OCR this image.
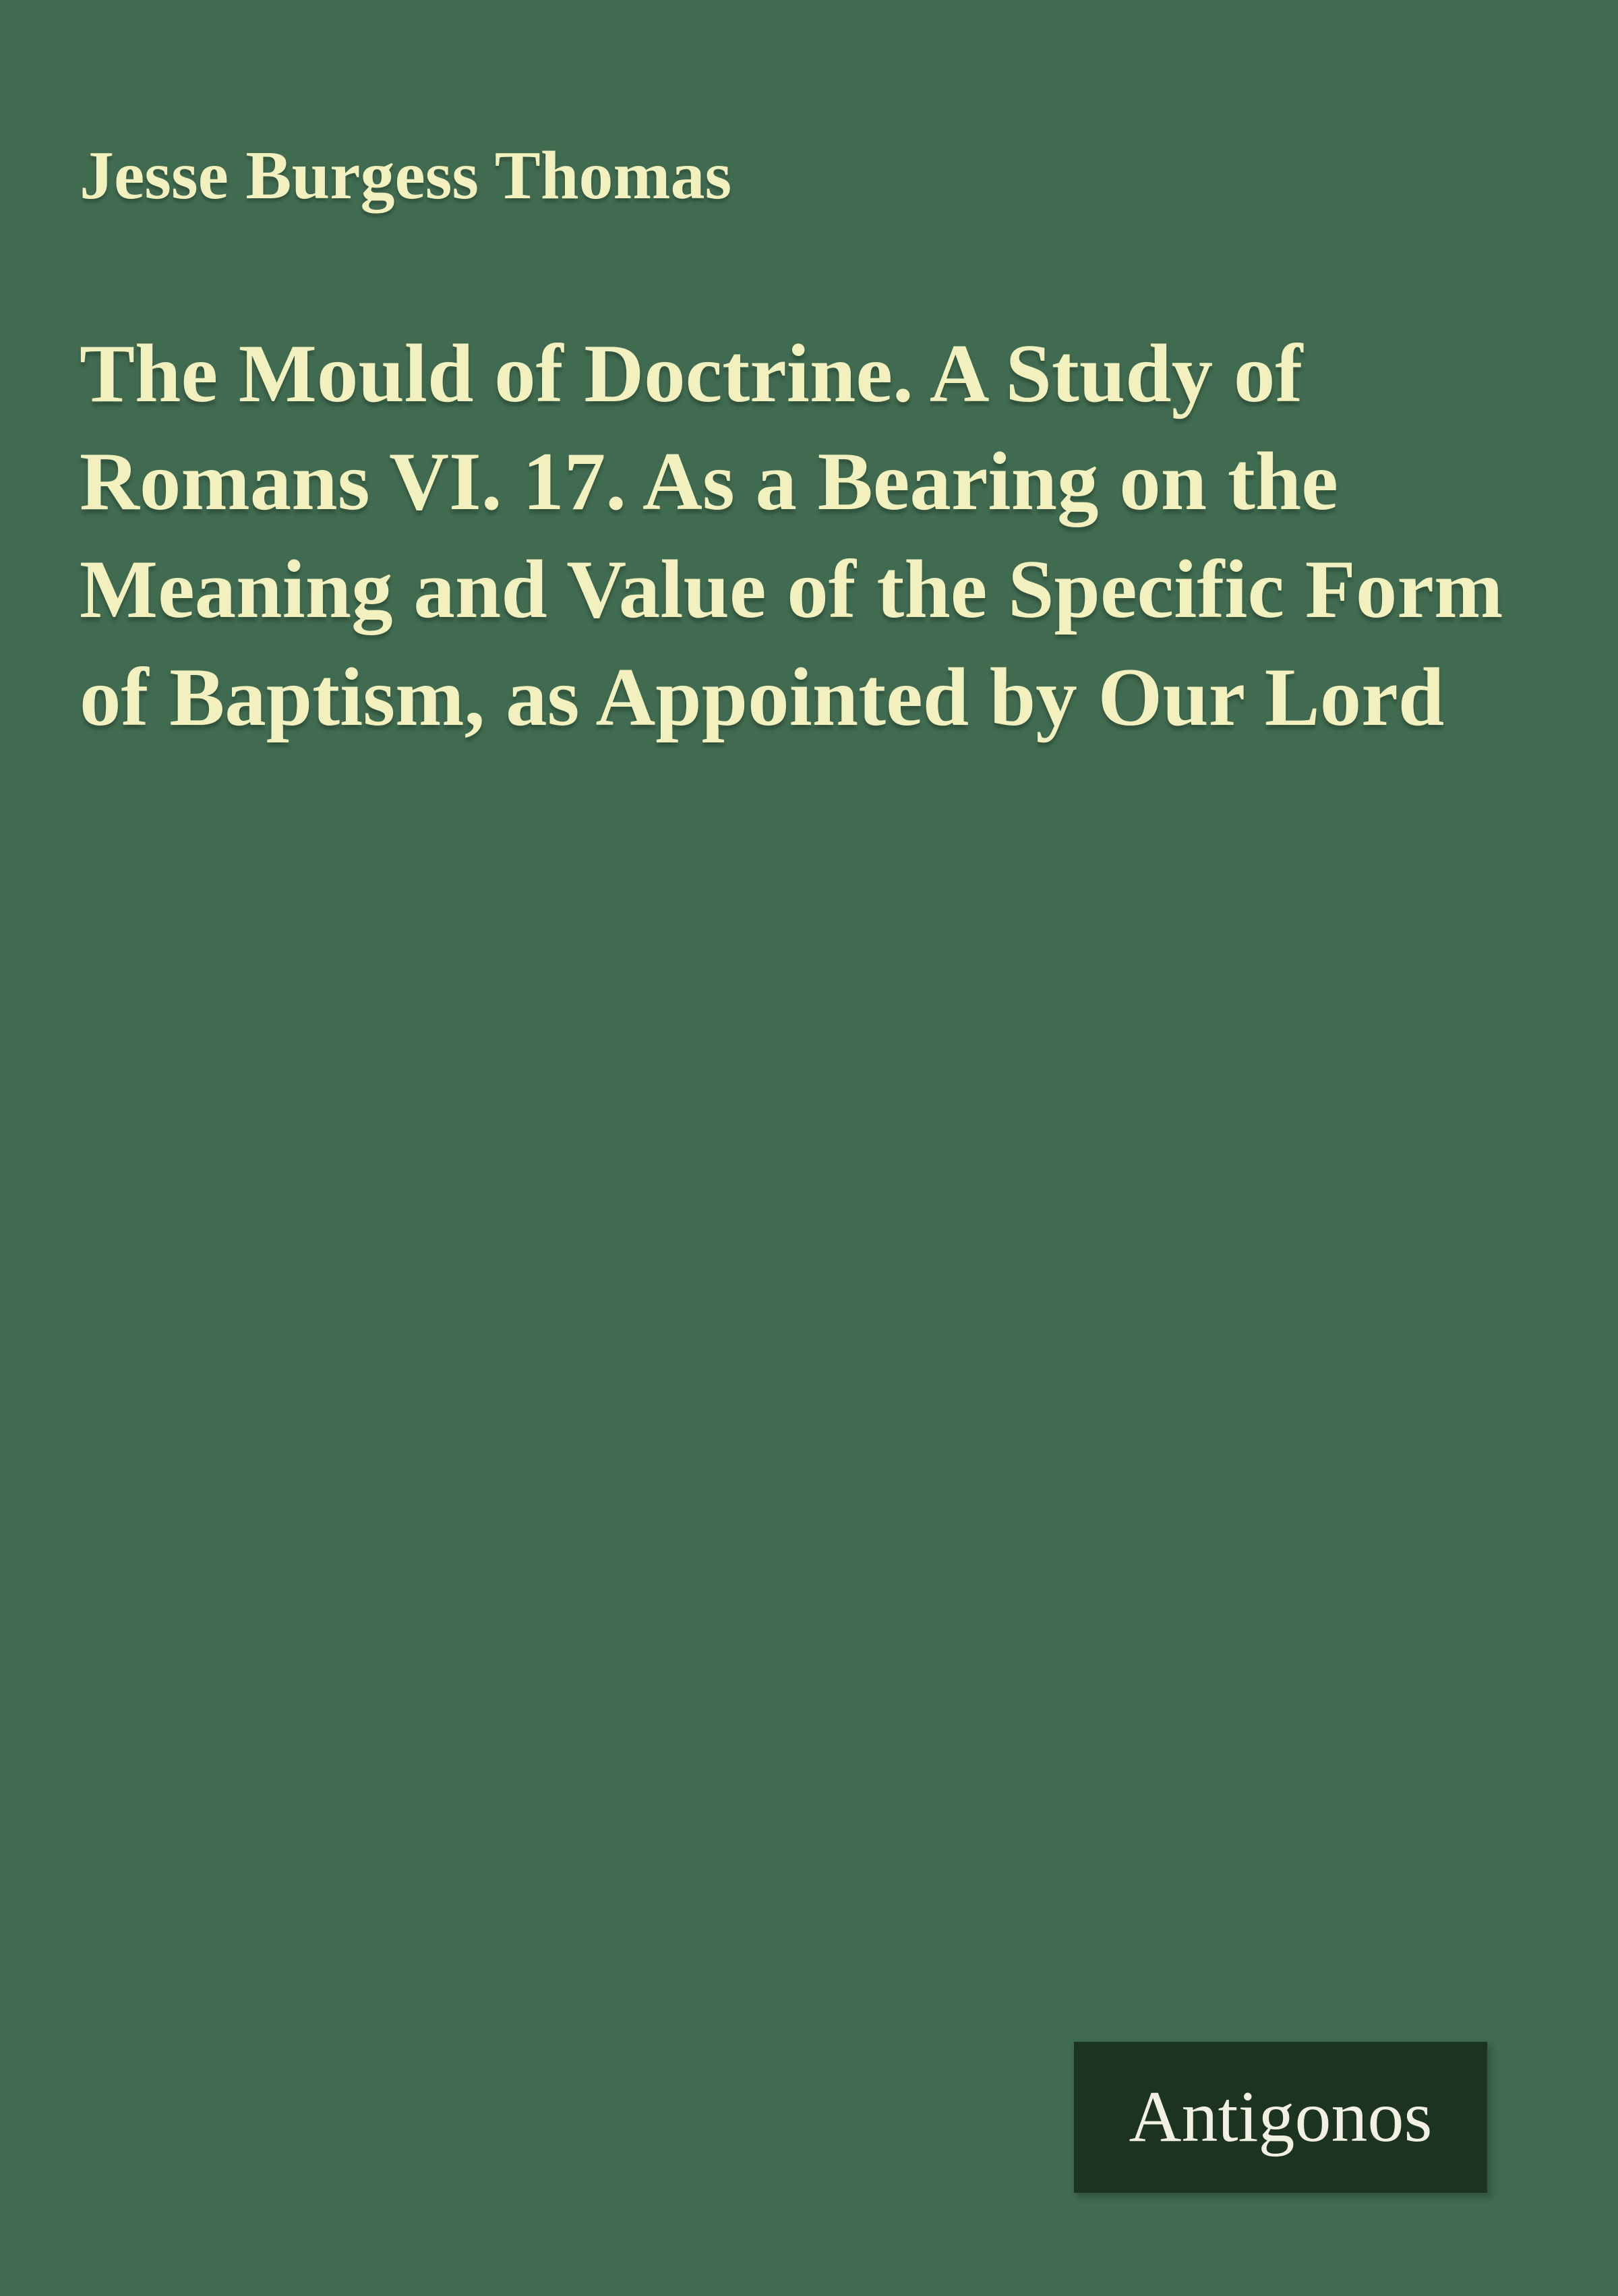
Jesse Burgess Thomas
The Mould of Doctrine. A Study of
Romans VI. 17. As a Bearing on the
Meaning and Value of the Specific Form
of Baptism, as Appointed by Our Lord
Antigonos
